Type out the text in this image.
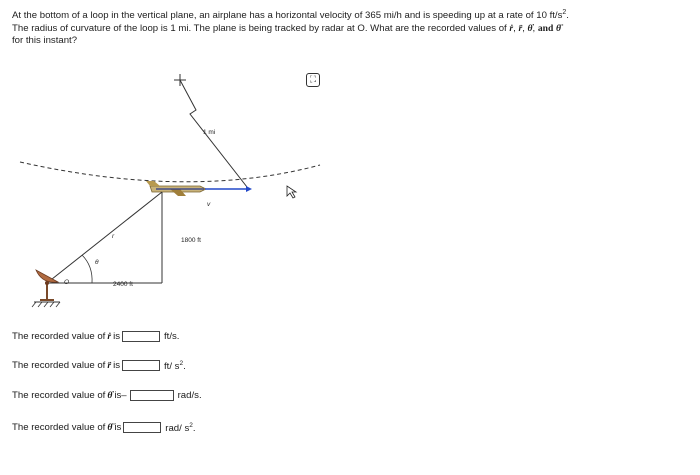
At the bottom of a loop in the vertical plane, an airplane has a horizontal velocity of 365 mi/h and is speeding up at a rate of 10 $ft/s^2$.
The radius of curvature of the loop is 1 mi. The plane is being tracked by radar at O. What are the recorded values of ṙ, r̈, θ̇, and θ̈
for this instant?
⛶
1 mi
1800 ft
2400 ft
O
θ
r
v
The recorded value of ṙ is	ft/s.
The recorded value of r̈ is	ft/ $s^2$.
The recorded value of θ̇ is –	rad/s.
The recorded value of θ̈ is	rad/ $s^2$.
